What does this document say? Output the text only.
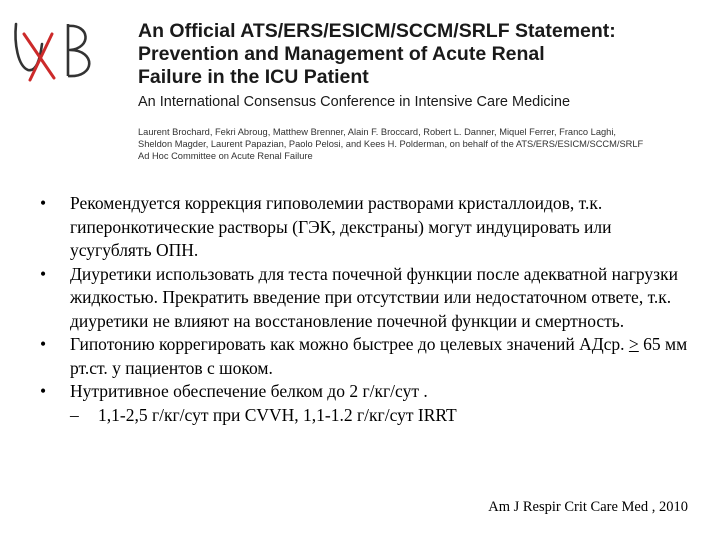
An Official ATS/ERS/ESICM/SCCM/SRLF Statement:
Prevention and Management of Acute Renal
Failure in the ICU Patient
An International Consensus Conference in Intensive Care Medicine
Laurent Brochard, Fekri Abroug, Matthew Brenner, Alain F. Broccard, Robert L. Danner, Miquel Ferrer, Franco Laghi,
Sheldon Magder, Laurent Papazian, Paolo Pelosi, and Kees H. Polderman, on behalf of the ATS/ERS/ESICM/SCCM/SRLF
Ad Hoc Committee on Acute Renal Failure
• Рекомендуется коррекция гиповолемии растворами кристаллоидов, т.к. гиперонкотические растворы (ГЭК, декстраны) могут индуцировать или усугублять ОПН.
• Диуретики использовать для теста почечной функции после адекватной нагрузки жидкостью. Прекратить введение при отсутствии или недостаточном ответе, т.к. диуретики не влияют на восстановление почечной функции и смертность.
• Гипотонию коррегировать как можно быстрее до целевых значений АДср. > 65 мм рт.ст. у пациентов с шоком.
• Нутритивное обеспечение белком до 2 г/кг/сут .
– 1,1-2,5 г/кг/сут при CVVH, 1,1-1.2 г/кг/сут IRRT
Am J Respir Crit Care Med , 2010
